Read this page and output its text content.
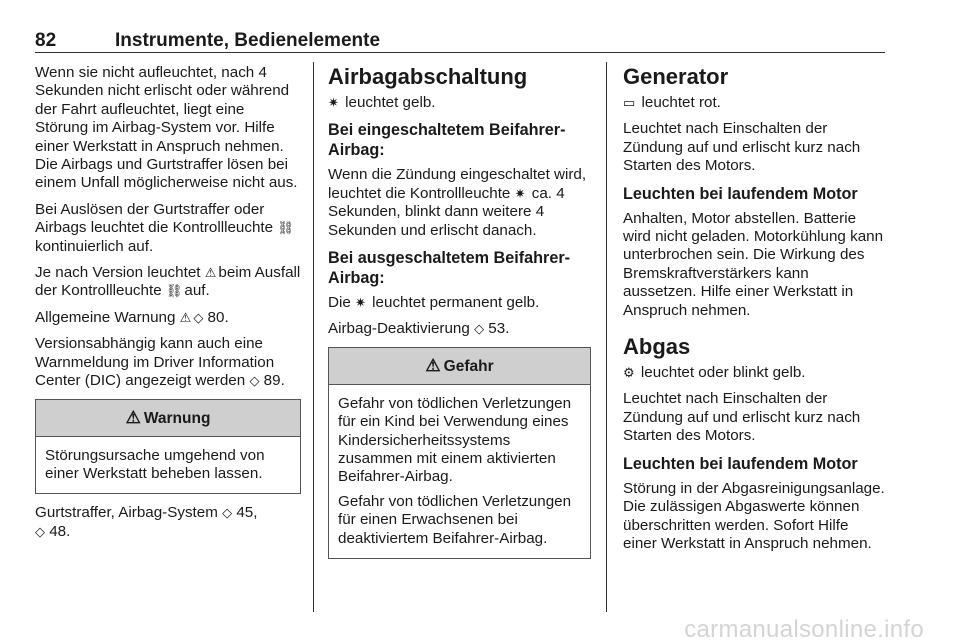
82	Instrumente, Bedienelemente

Wenn sie nicht aufleuchtet, nach 4 Sekunden nicht erlischt oder während der Fahrt aufleuchtet, liegt eine Störung im Airbag-System vor. Hilfe einer Werkstatt in Anspruch nehmen. Die Airbags und Gurtstraffer lösen bei einem Unfall möglicherweise nicht aus.

Bei Auslösen der Gurtstraffer oder Airbags leuchtet die Kontrollleuchte ⛓kontinuierlich auf.

Je nach Version leuchtet ⚠ beim Ausfall der Kontrollleuchte ⛓ auf.

Allgemeine Warnung ⚠ ◇ 80.

Versionsabhängig kann auch eine Warnmeldung im Driver Information Center (DIC) angezeigt werden ◇ 89.

⚠ Warnung

Störungsursache umgehend von einer Werkstatt beheben lassen.

Gurtstraffer, Airbag-System ◇ 45,
◇ 48.

Airbagabschaltung

✷ leuchtet gelb.

Bei eingeschaltetem Beifahrer-Airbag:

Wenn die Zündung eingeschaltet wird, leuchtet die Kontrollleuchte ✷ ca. 4 Sekunden, blinkt dann weitere 4 Sekunden und erlischt danach.

Bei ausgeschaltetem Beifahrer-Airbag:

Die ✷ leuchtet permanent gelb.

Airbag-Deaktivierung ◇ 53.

⚠ Gefahr

Gefahr von tödlichen Verletzungen für ein Kind bei Verwendung eines Kindersicherheitssystems zusammen mit einem aktivierten Beifahrer-Airbag.

Gefahr von tödlichen Verletzungen für einen Erwachsenen bei deaktiviertem Beifahrer-Airbag.

Generator

▭ leuchtet rot.

Leuchtet nach Einschalten der Zündung auf und erlischt kurz nach Starten des Motors.

Leuchten bei laufendem Motor

Anhalten, Motor abstellen. Batterie wird nicht geladen. Motorkühlung kann unterbrochen sein. Die Wirkung des Bremskraftverstärkers kann aussetzen. Hilfe einer Werkstatt in Anspruch nehmen.

Abgas

⚙ leuchtet oder blinkt gelb.

Leuchtet nach Einschalten der Zündung auf und erlischt kurz nach Starten des Motors.

Leuchten bei laufendem Motor

Störung in der Abgasreinigungsanlage. Die zulässigen Abgaswerte können überschritten werden. Sofort Hilfe einer Werkstatt in Anspruch nehmen.

carmanualsonline.info
